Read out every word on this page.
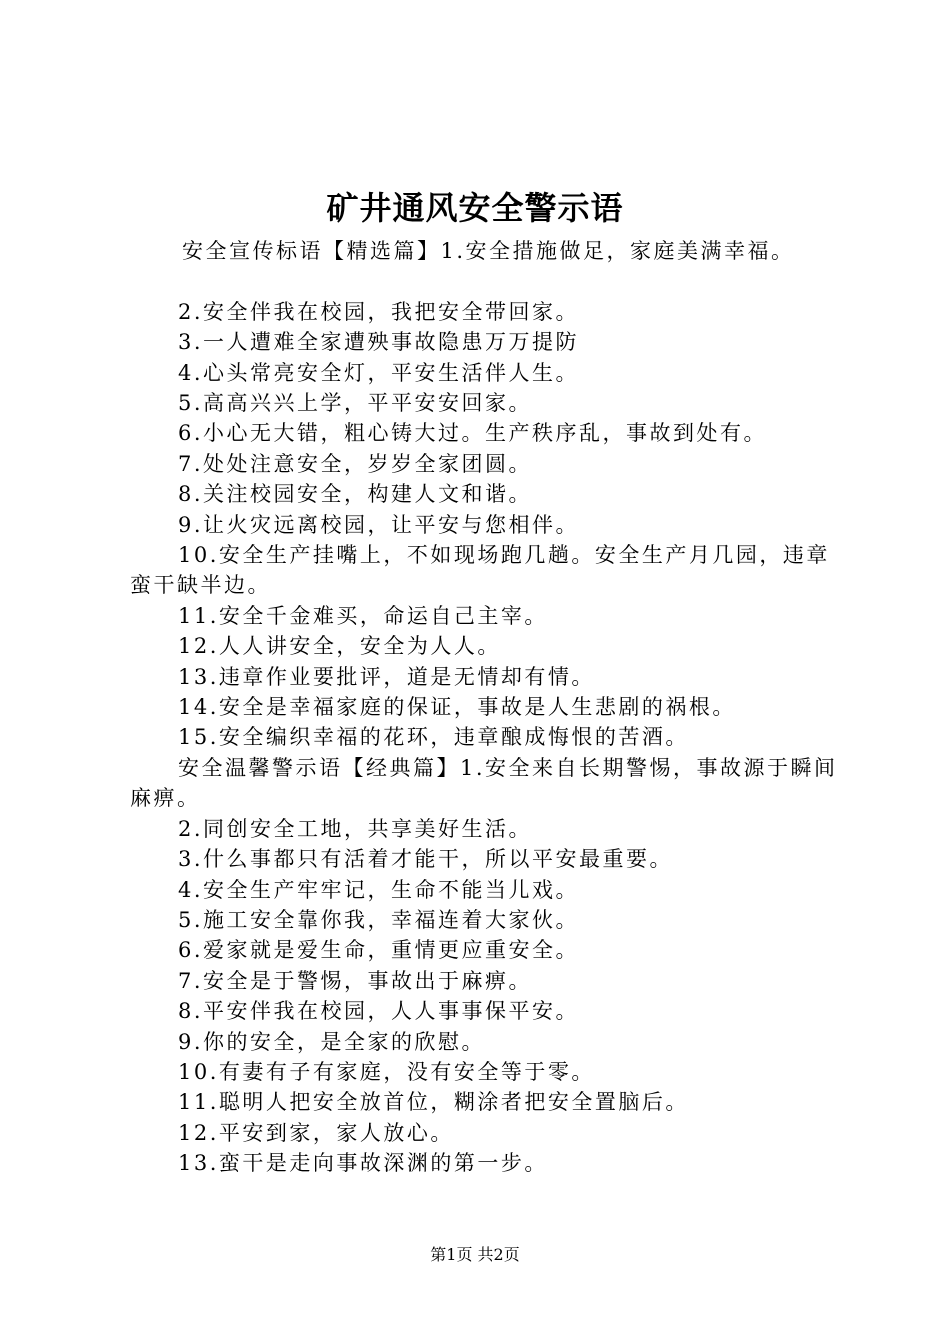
矿井通风安全警示语

安全宣传标语【精选篇】1.安全措施做足，家庭美满幸福。

2.安全伴我在校园，我把安全带回家。

3.一人遭难全家遭殃事故隐患万万提防

4.心头常亮安全灯，平安生活伴人生。

5.高高兴兴上学，平平安安回家。

6.小心无大错，粗心铸大过。生产秩序乱，事故到处有。

7.处处注意安全，岁岁全家团圆。

8.关注校园安全，构建人文和谐。

9.让火灾远离校园，让平安与您相伴。

10.安全生产挂嘴上，不如现场跑几趟。安全生产月几园，违章蛮干缺半边。

11.安全千金难买，命运自己主宰。

12.人人讲安全，安全为人人。

13.违章作业要批评，道是无情却有情。

14.安全是幸福家庭的保证，事故是人生悲剧的祸根。

15.安全编织幸福的花环，违章酿成悔恨的苦酒。

安全温馨警示语【经典篇】1.安全来自长期警惕，事故源于瞬间麻痹。

2.同创安全工地，共享美好生活。

3.什么事都只有活着才能干，所以平安最重要。

4.安全生产牢牢记，生命不能当儿戏。

5.施工安全靠你我，幸福连着大家伙。

6.爱家就是爱生命，重情更应重安全。

7.安全是于警惕，事故出于麻痹。

8.平安伴我在校园，人人事事保平安。

9.你的安全，是全家的欣慰。

10.有妻有子有家庭，没有安全等于零。

11.聪明人把安全放首位，糊涂者把安全置脑后。

12.平安到家，家人放心。

13.蛮干是走向事故深渊的第一步。

第1页 共2页
